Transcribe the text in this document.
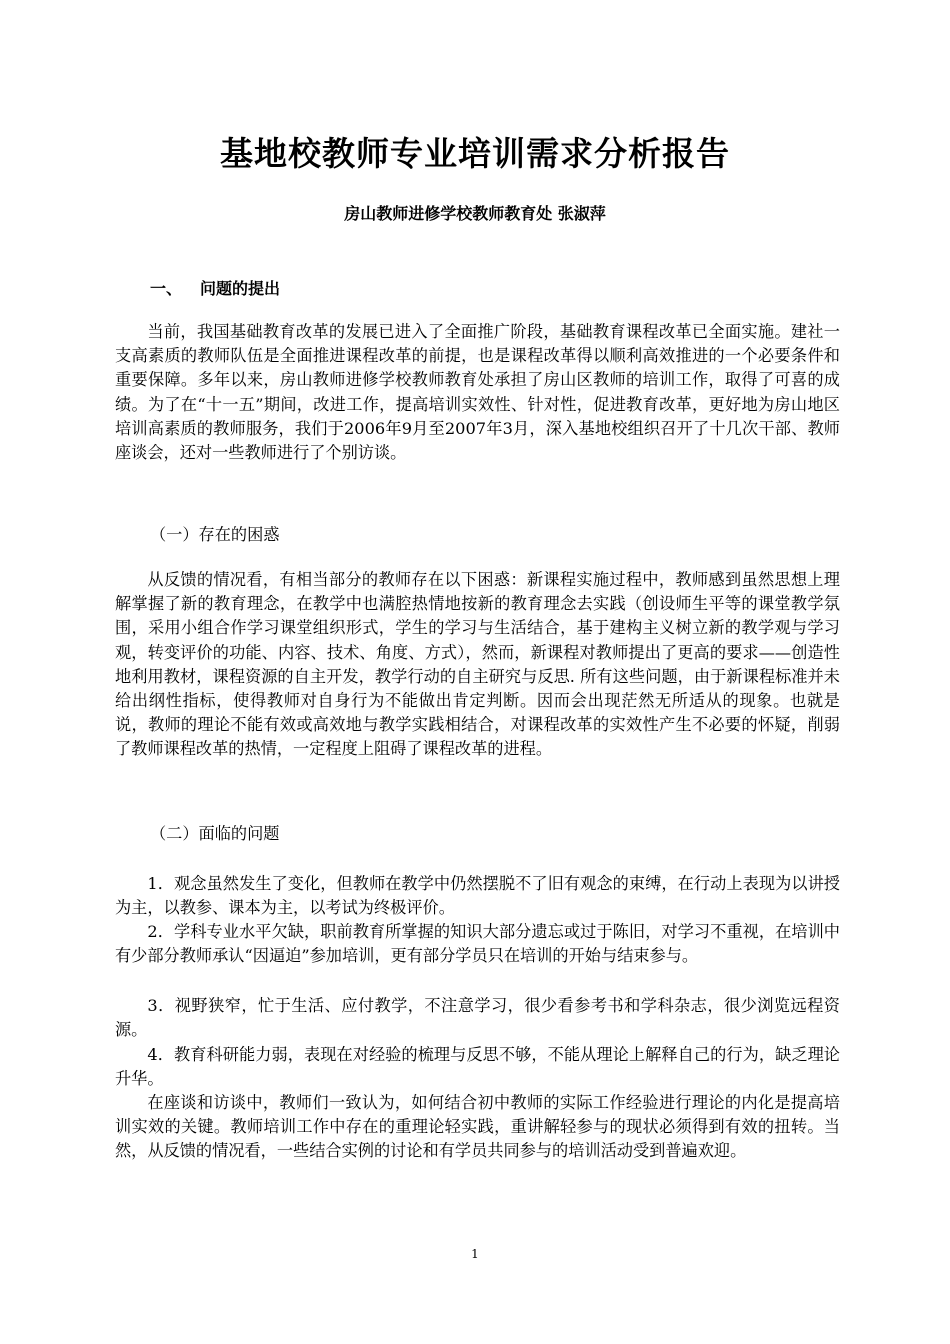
基地校教师专业培训需求分析报告
房山教师进修学校教师教育处 张淑萍
一、 问题的提出

当前，我国基础教育改革的发展已进入了全面推广阶段，基础教育课程改革已全面实施。建社一支高素质的教师队伍是全面推进课程改革的前提，也是课程改革得以顺利高效推进的一个必要条件和重要保障。多年以来，房山教师进修学校教师教育处承担了房山区教师的培训工作，取得了可喜的成绩。为了在“十一五”期间，改进工作，提高培训实效性、针对性，促进教育改革，更好地为房山地区培训高素质的教师服务，我们于2006年9月至2007年3月，深入基地校组织召开了十几次干部、教师座谈会，还对一些教师进行了个别访谈。

（一）存在的困惑

从反馈的情况看，有相当部分的教师存在以下困惑：新课程实施过程中，教师感到虽然思想上理解掌握了新的教育理念，在教学中也满腔热情地按新的教育理念去实践（创设师生平等的课堂教学氛围，采用小组合作学习课堂组织形式，学生的学习与生活结合，基于建构主义树立新的教学观与学习观，转变评价的功能、内容、技术、角度、方式），然而，新课程对教师提出了更高的要求——创造性地利用教材，课程资源的自主开发，教学行动的自主研究与反思. 所有这些问题，由于新课程标准并未给出纲性指标，使得教师对自身行为不能做出肯定判断。因而会出现茫然无所适从的现象。也就是说，教师的理论不能有效或高效地与教学实践相结合，对课程改革的实效性产生不必要的怀疑，削弱了教师课程改革的热情，一定程度上阻碍了课程改革的进程。

（二）面临的问题

1．观念虽然发生了变化，但教师在教学中仍然摆脱不了旧有观念的束缚，在行动上表现为以讲授为主，以教参、课本为主，以考试为终极评价。

2．学科专业水平欠缺，职前教育所掌握的知识大部分遗忘或过于陈旧，对学习不重视，在培训中有少部分教师承认“因逼迫”参加培训，更有部分学员只在培训的开始与结束参与。

3．视野狭窄，忙于生活、应付教学，不注意学习，很少看参考书和学科杂志，很少浏览远程资源。

4．教育科研能力弱，表现在对经验的梳理与反思不够，不能从理论上解释自己的行为，缺乏理论升华。

在座谈和访谈中，教师们一致认为，如何结合初中教师的实际工作经验进行理论的内化是提高培训实效的关键。教师培训工作中存在的重理论轻实践，重讲解轻参与的现状必须得到有效的扭转。当然，从反馈的情况看，一些结合实例的讨论和有学员共同参与的培训活动受到普遍欢迎。

1
